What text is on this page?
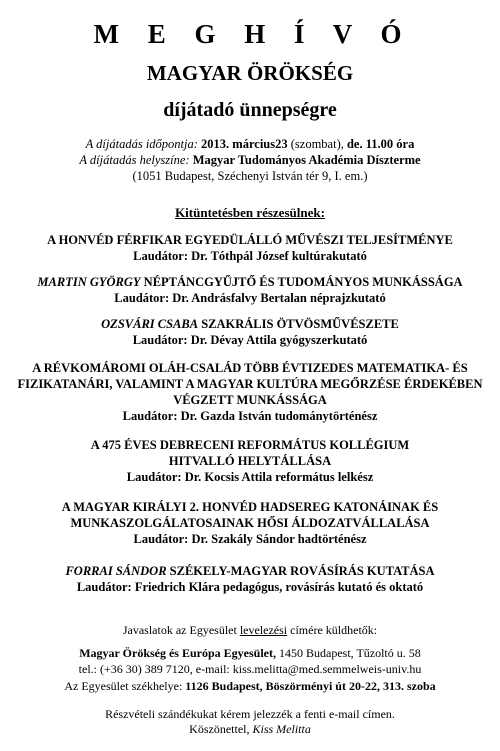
M E G H Í V Ó
MAGYAR ÖRÖKSÉG
díjátadó ünnepségre
A díjátadás időpontja: 2013. március23 (szombat), de. 11.00 óra
A díjátadás helyszíne: Magyar Tudományos Akadémia Díszterme
(1051 Budapest, Széchenyi István tér 9, I. em.)
Kitüntetésben részesülnek:
A HONVÉD FÉRFIKAR EGYEDÜLÁLLÓ MŰVÉSZI TELJESÍTMÉNYE
Laudátor: Dr. Tóthpál József kultúrakutató
MARTIN GYÖRGY NÉPTÁNCGYŰJTŐ ÉS TUDOMÁNYOS MUNKÁSSÁGA
Laudátor: Dr. Andrásfalvy Bertalan néprajzkutató
OZSVÁRI CSABA SZAKRÁLIS ÖTVÖSMŰVÉSZETE
Laudátor: Dr. Dévay Attila gyógyszerkutató
A RÉVKOMÁROMI OLÁH-CSALÁD TÖBB ÉVTIZEDES MATEMATIKA- ÉS FIZIKATANÁRI, VALAMINT A MAGYAR KULTÚRA MEGŐRZÉSE ÉRDEKÉBEN VÉGZETT MUNKÁSSÁGA
Laudátor: Dr. Gazda István tudománytörténész
A 475 ÉVES DEBRECENI REFORMÁTUS KOLLÉGIUM HITVALLÓ HELYTÁLLÁSA
Laudátor: Dr. Kocsis Attila református lelkész
A MAGYAR KIRÁLYI 2. HONVÉD HADSEREG KATONÁINAK ÉS MUNKASZOLGÁLATOSAINAK HŐSI ÁLDOZATVÁLLALÁSA
Laudátor: Dr. Szakály Sándor hadtörténész
FORRAI SÁNDOR SZÉKELY-MAGYAR ROVÁSÍRÁS KUTATÁSA
Laudátor: Friedrich Klára pedagógus, rovásírás kutató és oktató
Javaslatok az Egyesület levelezési címére küldhetők:
Magyar Örökség és Európa Egyesület, 1450 Budapest, Tűzoltó u. 58
tel.: (+36 30) 389 7120, e-mail: kiss.melitta@med.semmelweis-univ.hu
Az Egyesület székhelye: 1126 Budapest, Böszörményi út 20-22, 313. szoba
Részvételi szándékukat kérem jelezzék a fenti e-mail címen.
Köszönettel, Kiss Melitta
